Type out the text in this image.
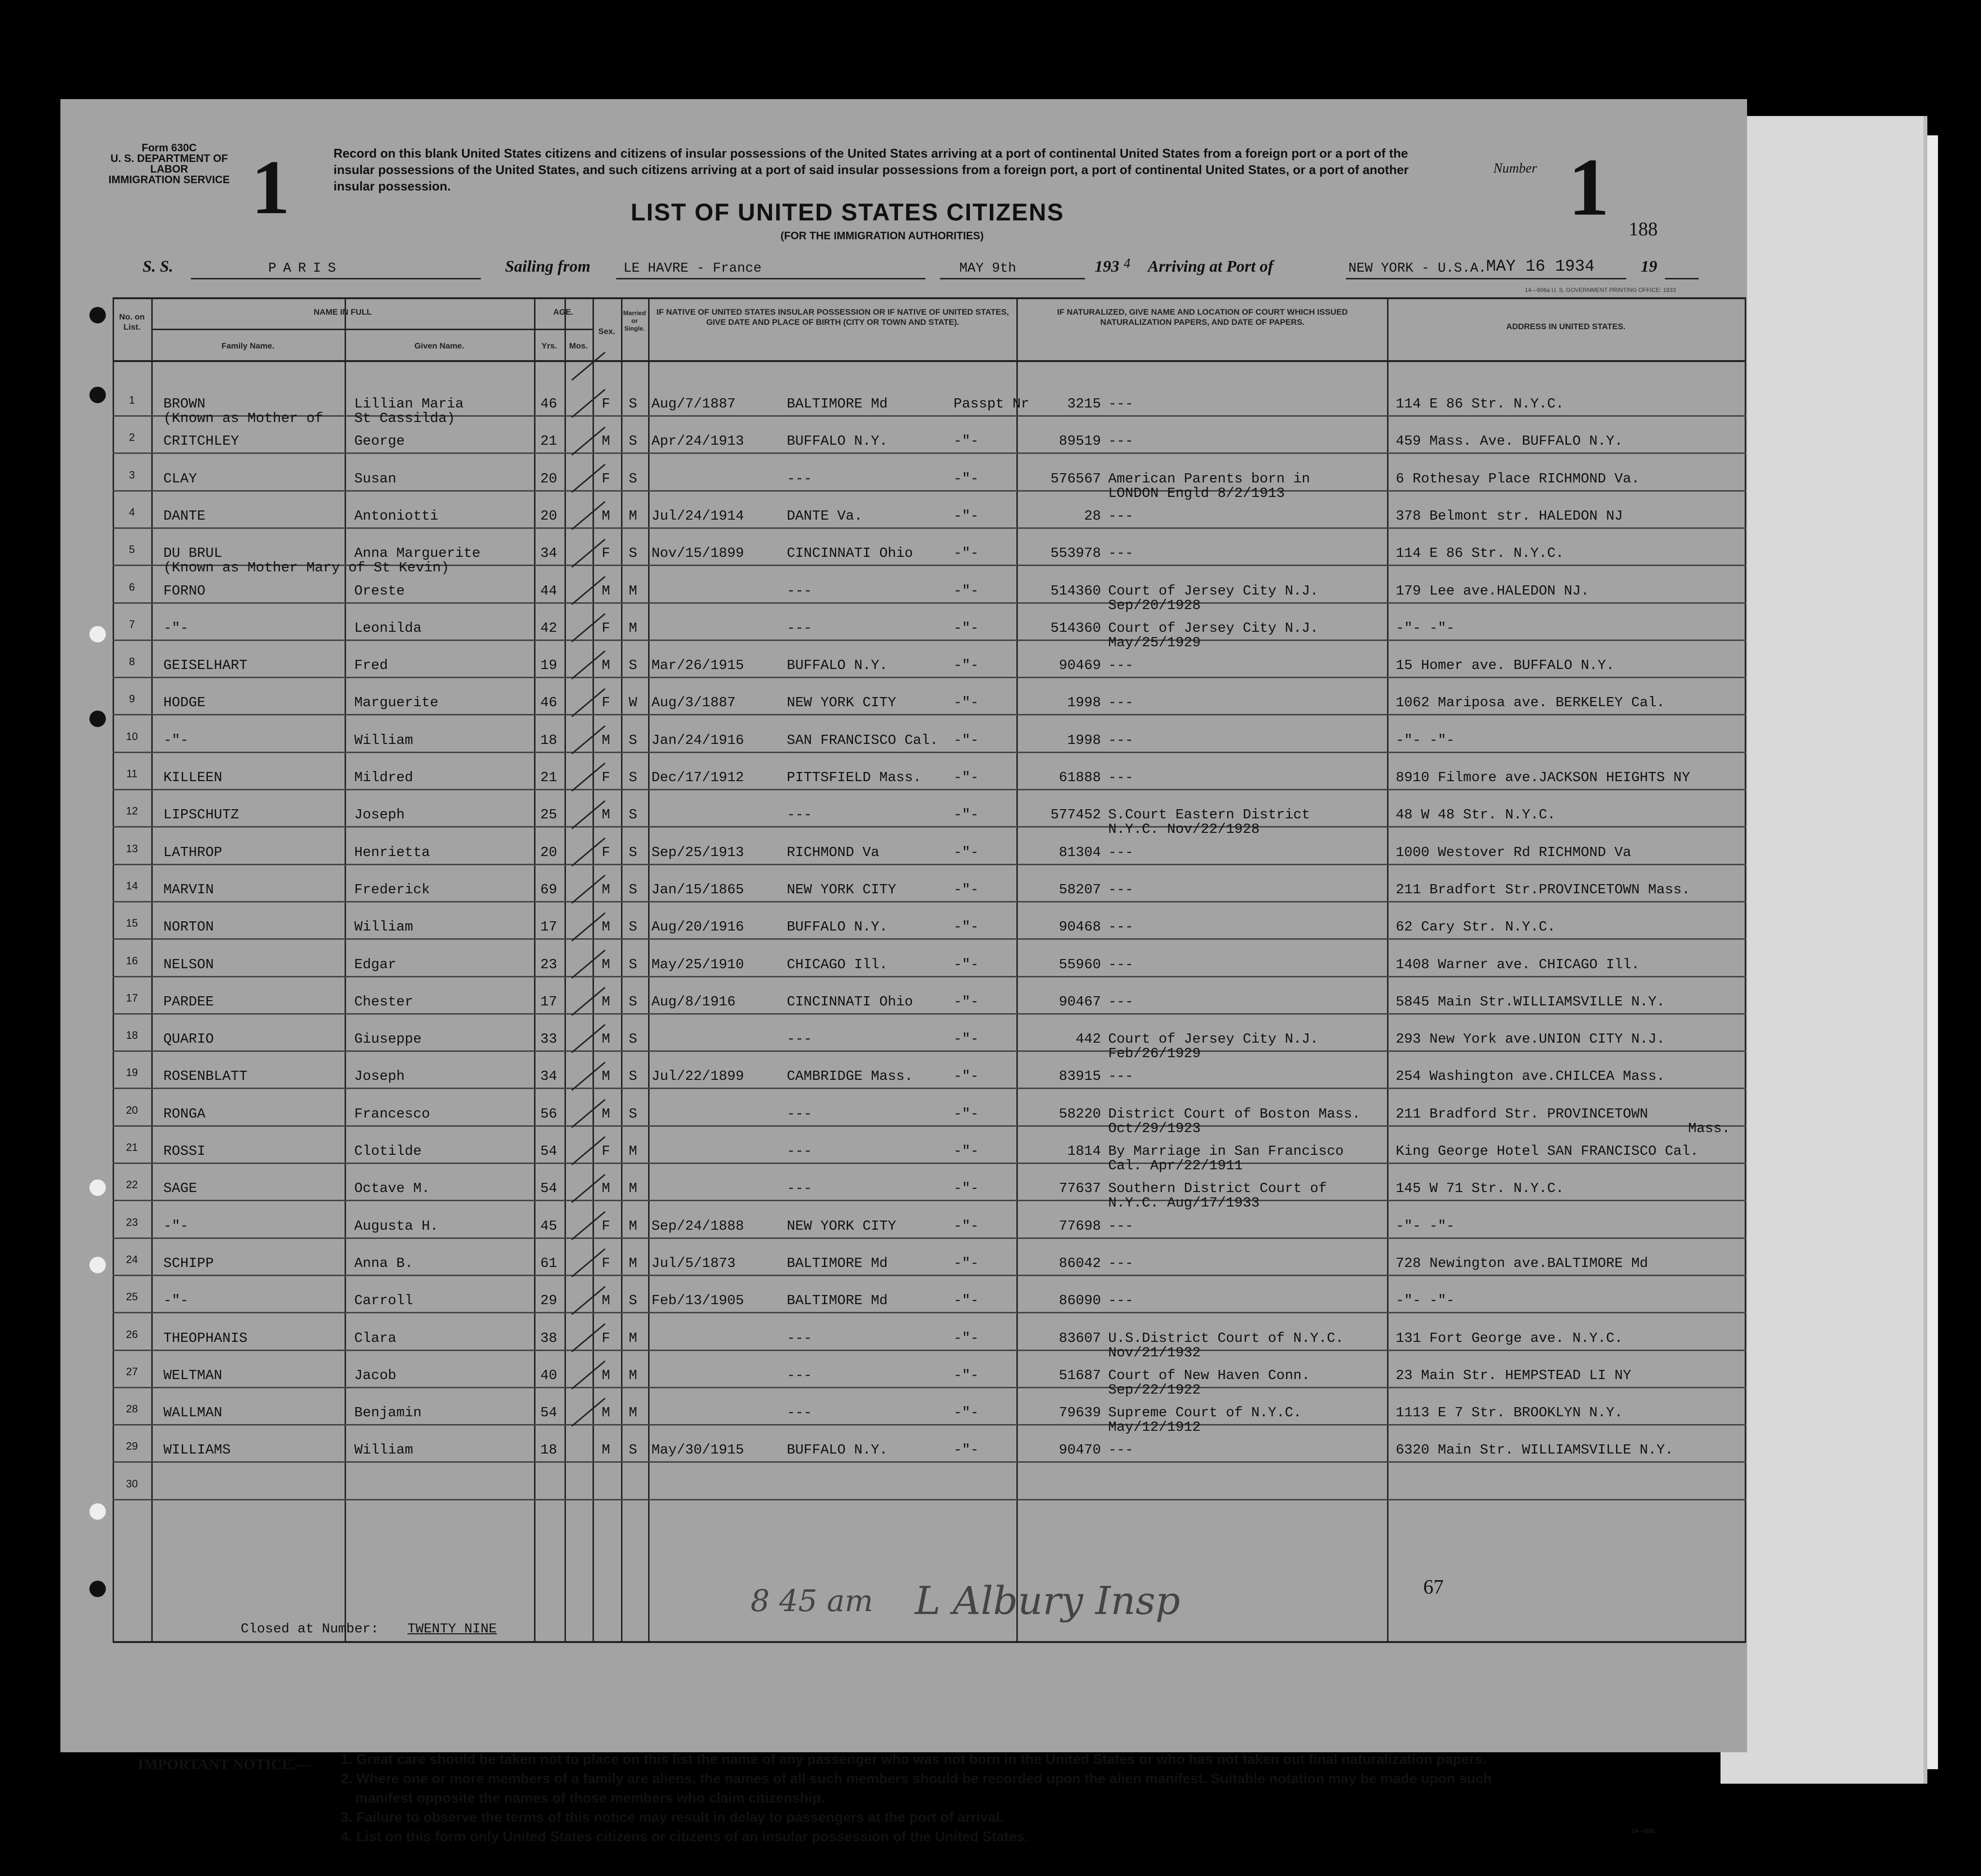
Form 630C
U. S. DEPARTMENT OF LABOR
IMMIGRATION SERVICE 1	Record on this blank United States citizens and citizens of insular possessions of the United States arriving at a port of continental United States from a foreign port or a port of the insular possessions of the United States, and such citizens arriving at a port of said insular possessions from a foreign port, a port of continental United States, or a port of another insular possession.
Number 1
LIST OF UNITED STATES CITIZENS
(FOR THE IMMIGRATION AUTHORITIES)	188
14—606a U. S. GOVERNMENT PRINTING OFFICE: 1933
S. S.	PARIS	Sailing from LE HAVRE - France	MAY 9th	193 4 Arriving at Port of	NEW YORK - U.S.A. MAY 16 1934	19
No. on List.
NAME IN FULL
Family Name.	Given Name.
AGE.
Yrs.	Mos.
Sex.
Married or Single.
IF NATIVE OF UNITED STATES INSULAR POSSESSION OR IF NATIVE OF UNITED STATES, GIVE DATE AND PLACE OF BIRTH (CITY OR TOWN AND STATE).
IF NATURALIZED, GIVE NAME AND LOCATION OF COURT WHICH ISSUED NATURALIZATION PAPERS, AND DATE OF PAPERS.	ADDRESS IN UNITED STATES.
1	BROWN	Lillian Maria	46	F S Aug/7/1887	BALTIMORE Md	Passpt Nr	3215 ---	114 E 86 Str. N.Y.C.
(Known as Mother of St Cassilda)
2	CRITCHLEY	George	21	M S Apr/24/1913	BUFFALO N.Y.	-"-	89519 ---	459 Mass. Ave. BUFFALO N.Y.
3	CLAY	Susan	20	F S	---	-"-	576567 American Parents born in	6 Rothesay Place RICHMOND Va.
LONDON Engld 8/2/1913
4	DANTE	Antoniotti	20	M M Jul/24/1914	DANTE Va.	-"-	28 ---	378 Belmont str. HALEDON NJ
5	DU BRUL	Anna Marguerite	34	F S Nov/15/1899	CINCINNATI Ohio	-"-	553978 ---	114 E 86 Str. N.Y.C.
(Known as Mother Mary of St Kevin)
6	FORNO	Oreste	44	M M	---	-"-	514360 Court of Jersey City N.J.	179 Lee ave.HALEDON NJ.
Sep/20/1928
7	-"-	Leonilda	42	F M	---	-"-	514360 Court of Jersey City N.J.	-"- -"-
May/25/1929
8	GEISELHART	Fred	19	M S Mar/26/1915	BUFFALO N.Y.	-"-	90469 ---	15 Homer ave. BUFFALO N.Y.
9	HODGE	Marguerite	46	F W Aug/3/1887	NEW YORK CITY	-"-	1998 ---	1062 Mariposa ave. BERKELEY Cal.
10	-"-	William	18	M S Jan/24/1916	SAN FRANCISCO Cal. -"-	1998 ---	-"- -"-
11	KILLEEN	Mildred	21	F S Dec/17/1912	PITTSFIELD Mass. -"-	61888 ---	8910 Filmore ave.JACKSON HEIGHTS NY
12	LIPSCHUTZ	Joseph	25	M S	---	-"-	577452 S.Court Eastern District	48 W 48 Str. N.Y.C.
N.Y.C. Nov/22/1928
13	LATHROP	Henrietta	20	F S Sep/25/1913	RICHMOND Va	-"-	81304 ---	1000 Westover Rd RICHMOND Va
14	MARVIN	Frederick	69	M S Jan/15/1865	NEW YORK CITY	-"-	58207 ---	211 Bradfort Str.PROVINCETOWN Mass.
15	NORTON	William	17	M S Aug/20/1916	BUFFALO N.Y.	-"-	90468 ---	62 Cary Str. N.Y.C.
16	NELSON	Edgar	23	M S May/25/1910	CHICAGO Ill.	-"-	55960 ---	1408 Warner ave. CHICAGO Ill.
17	PARDEE	Chester	17	M S Aug/8/1916	CINCINNATI Ohio	-"-	90467 ---	5845 Main Str.WILLIAMSVILLE N.Y.
18	QUARIO	Giuseppe	33	M S	---	-"-	442 Court of Jersey City N.J.	293 New York ave.UNION CITY N.J.
Feb/26/1929
19	ROSENBLATT	Joseph	34	M S Jul/22/1899	CAMBRIDGE Mass.	-"-	83915 ---	254 Washington ave.CHILCEA Mass.
20	RONGA	Francesco	56	M S	---	-"-	58220 District Court of Boston Mass.	211 Bradford Str. PROVINCETOWN
Oct/29/1923	Mass.
21	ROSSI	Clotilde	54	F M	---	-"-	1814 By Marriage in San Francisco	King George Hotel SAN FRANCISCO Cal.
Cal. Apr/22/1911
22	SAGE	Octave M.	54	M M	---	-"-	77637 Southern District Court of	145 W 71 Str. N.Y.C.
N.Y.C. Aug/17/1933
23	-"-	Augusta H.	45	F M Sep/24/1888	NEW YORK CITY	-"-	77698 ---	-"- -"-
24	SCHIPP	Anna B.	61	F M Jul/5/1873	BALTIMORE Md	-"-	86042 ---	728 Newington ave.BALTIMORE Md
25	-"-	Carroll	29	M S Feb/13/1905	BALTIMORE Md	-"-	86090 ---	-"- -"-
26	THEOPHANIS	Clara	38	F M	---	-"-	83607 U.S.District Court of N.Y.C.	131 Fort George ave. N.Y.C.
Nov/21/1932
27	WELTMAN	Jacob	40	M M	---	-"-	51687 Court of New Haven Conn.	23 Main Str. HEMPSTEAD LI NY
Sep/22/1922
28	WALLMAN	Benjamin	54	M M	---	-"-	79639 Supreme Court of N.Y.C.	1113 E 7 Str. BROOKLYN N.Y.
May/12/1912
29	WILLIAMS	William	18	M S May/30/1915	BUFFALO N.Y.	-"-	90470 ---	6320 Main Str. WILLIAMSVILLE N.Y.
30
Closed at Number: TWENTY NINE
8 45 am L Albury Insp	67
IMPORTANT NOTICE.— 1. Great care should be taken not to place on this list the name of any passenger who was not born in the United States or who has not taken out final naturalization papers.
2. Where one or more members of a family are aliens, the names of all such members should be recorded upon the alien manifest. Suitable notation may be made upon such
manifest opposite the names of those members who claim citizenship.
3. Failure to observe the terms of this notice may result in delay to passengers at the port of arrival.
4. List on this form only United States citizens or citizens of an insular possession of the United States.	14—606
